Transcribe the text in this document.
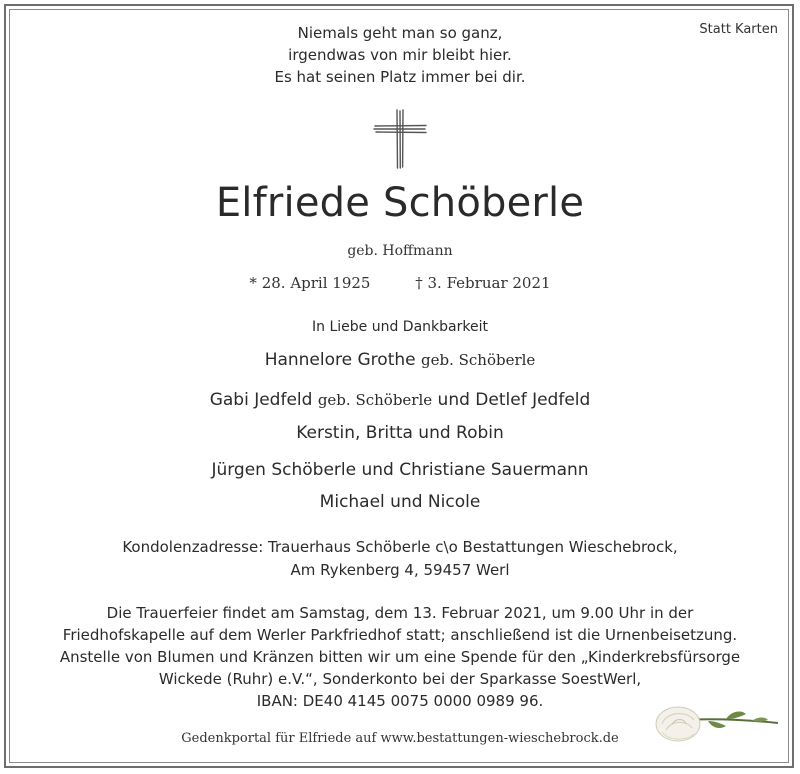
Statt Karten
Niemals geht man so ganz,
irgendwas von mir bleibt hier.
Es hat seinen Platz immer bei dir.
Elfriede Schöberle
geb. Hoffmann
* 28. April 1925	† 3. Februar 2021
In Liebe und Dankbarkeit
Hannelore Grothe geb. Schöberle
Gabi Jedfeld geb. Schöberle und Detlef Jedfeld
Kerstin, Britta und Robin
Jürgen Schöberle und Christiane Sauermann
Michael und Nicole
Kondolenzadresse: Trauerhaus Schöberle c\o Bestattungen Wieschebrock,
Am Rykenberg 4, 59457 Werl
Die Trauerfeier findet am Samstag, dem 13. Februar 2021, um 9.00 Uhr in der
Friedhofskapelle auf dem Werler Parkfriedhof statt; anschließend ist die Urnenbeisetzung.
Anstelle von Blumen und Kränzen bitten wir um eine Spende für den „Kinderkrebsfürsorge
Wickede (Ruhr) e.V.“, Sonderkonto bei der Sparkasse SoestWerl,
IBAN: DE40 4145 0075 0000 0989 96.
Gedenkportal für Elfriede auf www.bestattungen-wieschebrock.de
